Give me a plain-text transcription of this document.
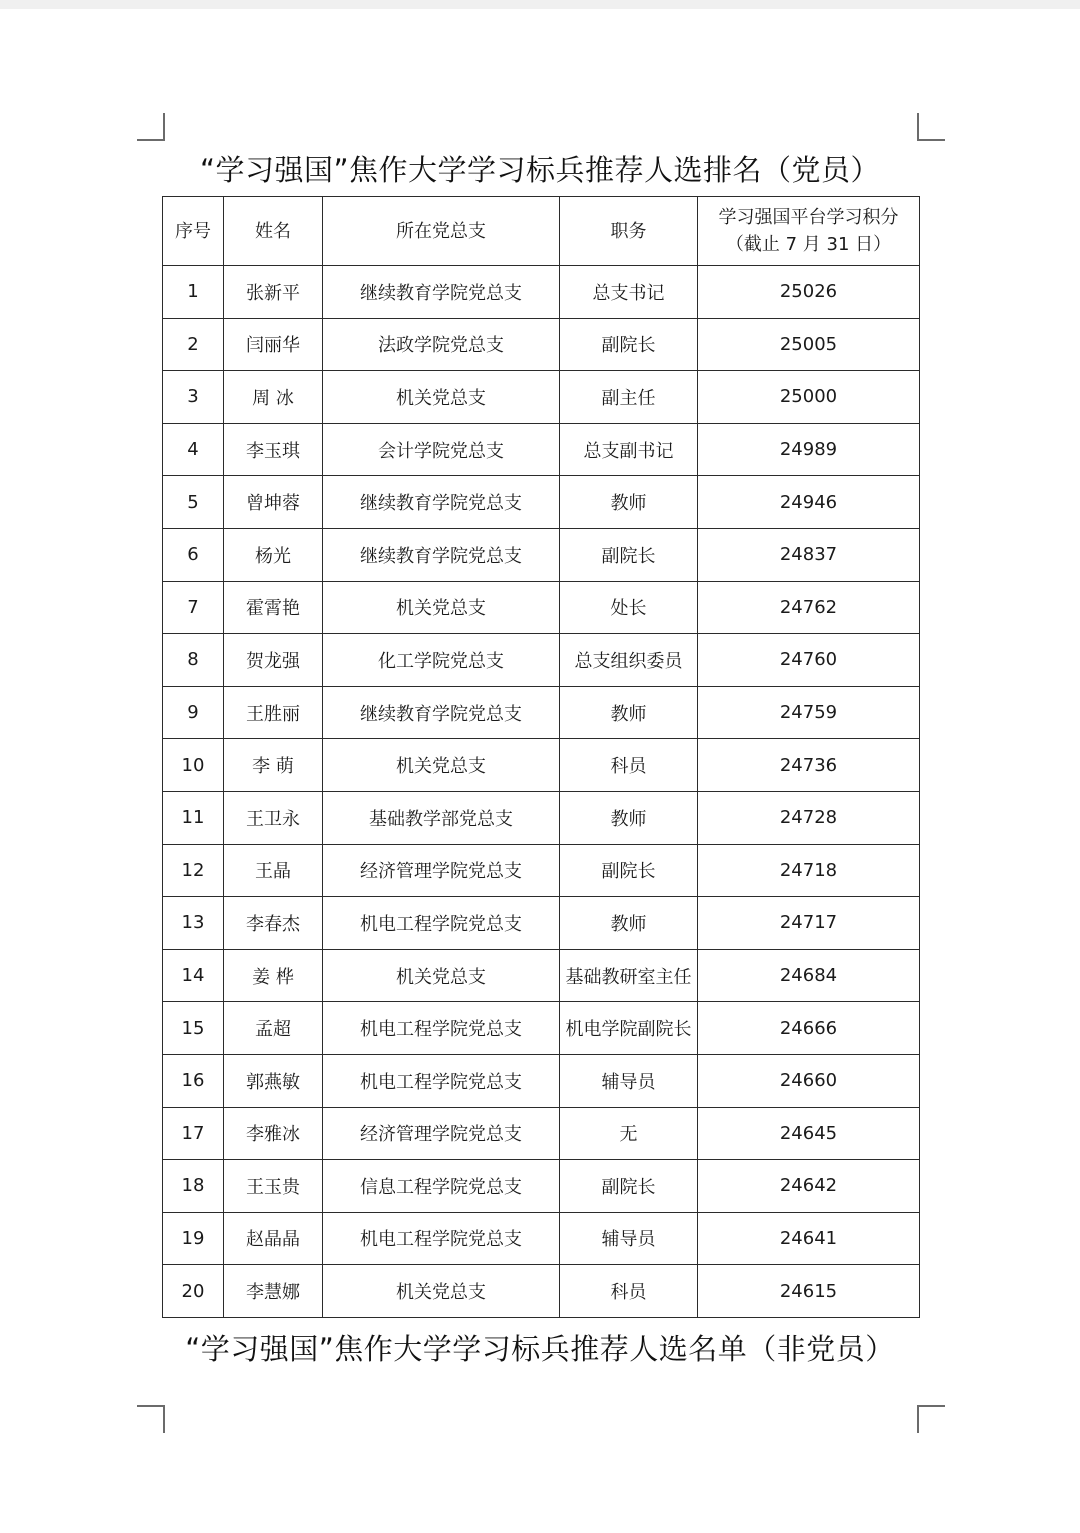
“学习强国”焦作大学学习标兵推荐人选排名（党员）
序号	姓名	所在党总支	职务	学习强国平台学习积分
（截止 7 月 31 日）

1	张新平	继续教育学院党总支	总支书记	25026
2	闫丽华	法政学院党总支	副院长	25005
3	周 冰	机关党总支	副主任	25000
4	李玉琪	会计学院党总支	总支副书记	24989
5	曾坤蓉	继续教育学院党总支	教师	24946
6	杨光	继续教育学院党总支	副院长	24837
7	霍霄艳	机关党总支	处长	24762
8	贺龙强	化工学院党总支	总支组织委员	24760
9	王胜丽	继续教育学院党总支	教师	24759
10	李 萌	机关党总支	科员	24736
11	王卫永	基础教学部党总支	教师	24728
12	王晶	经济管理学院党总支	副院长	24718
13	李春杰	机电工程学院党总支	教师	24717
14	姜 桦	机关党总支	基础教研室主任	24684
15	孟超	机电工程学院党总支	机电学院副院长	24666
16	郭燕敏	机电工程学院党总支	辅导员	24660
17	李雅冰	经济管理学院党总支	无	24645
18	王玉贵	信息工程学院党总支	副院长	24642
19	赵晶晶	机电工程学院党总支	辅导员	24641
20	李慧娜	机关党总支	科员	24615
“学习强国”焦作大学学习标兵推荐人选名单（非党员）
